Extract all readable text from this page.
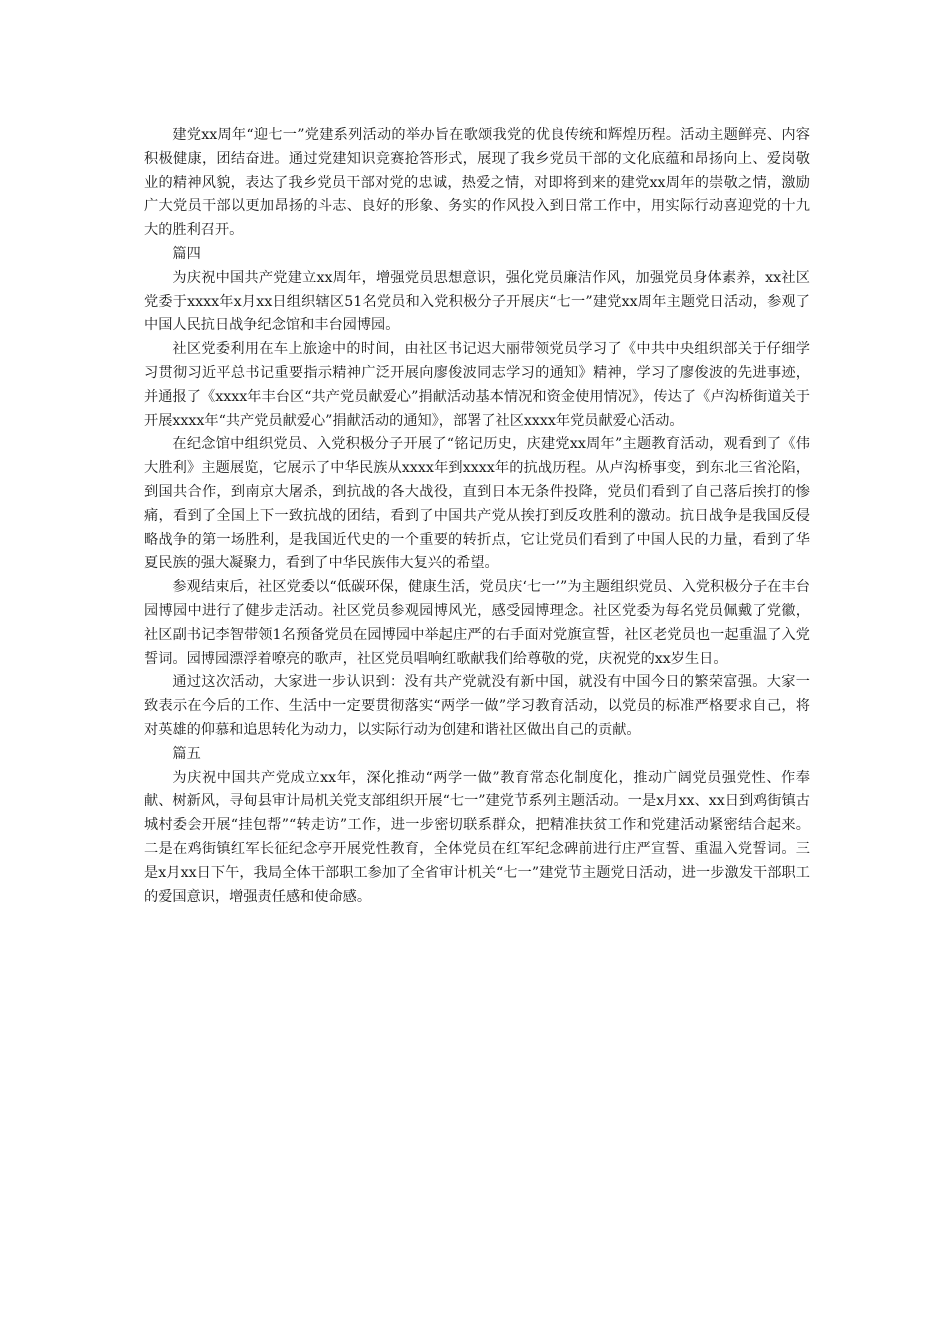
建党xx周年“迎七一”党建系列活动的举办旨在歌颂我党的优良传统和辉煌历程。活动主题鲜亮、内容积极健康，团结奋进。通过党建知识竞赛抢答形式，展现了我乡党员干部的文化底蕴和昂扬向上、爱岗敬业的精神风貌，表达了我乡党员干部对党的忠诚，热爱之情，对即将到来的建党xx周年的崇敬之情，激励广大党员干部以更加昂扬的斗志、良好的形象、务实的作风投入到日常工作中，用实际行动喜迎党的十九大的胜利召开。

篇四

为庆祝中国共产党建立xx周年，增强党员思想意识，强化党员廉洁作风，加强党员身体素养，xx社区党委于xxxx年x月xx日组织辖区51名党员和入党积极分子开展庆“七一”建党xx周年主题党日活动，参观了中国人民抗日战争纪念馆和丰台园博园。

社区党委利用在车上旅途中的时间，由社区书记迟大丽带领党员学习了《中共中央组织部关于仔细学习贯彻习近平总书记重要指示精神广泛开展向廖俊波同志学习的通知》精神，学习了廖俊波的先进事迹，并通报了《xxxx年丰台区“共产党员献爱心”捐献活动基本情况和资金使用情况》，传达了《卢沟桥街道关于开展xxxx年“共产党员献爱心”捐献活动的通知》，部署了社区xxxx年党员献爱心活动。

在纪念馆中组织党员、入党积极分子开展了“铭记历史，庆建党xx周年”主题教育活动，观看到了《伟大胜利》主题展览，它展示了中华民族从xxxx年到xxxx年的抗战历程。从卢沟桥事变，到东北三省沦陷，到国共合作，到南京大屠杀，到抗战的各大战役，直到日本无条件投降，党员们看到了自己落后挨打的惨痛，看到了全国上下一致抗战的团结，看到了中国共产党从挨打到反攻胜利的激动。抗日战争是我国反侵略战争的第一场胜利，是我国近代史的一个重要的转折点，它让党员们看到了中国人民的力量，看到了华夏民族的强大凝聚力，看到了中华民族伟大复兴的希望。

参观结束后，社区党委以“低碳环保，健康生活，党员庆‘七一’”为主题组织党员、入党积极分子在丰台园博园中进行了健步走活动。社区党员参观园博风光，感受园博理念。社区党委为每名党员佩戴了党徽，社区副书记李智带领1名预备党员在园博园中举起庄严的右手面对党旗宣誓，社区老党员也一起重温了入党誓词。园博园漂浮着嘹亮的歌声，社区党员唱响红歌献我们给尊敬的党，庆祝党的xx岁生日。

通过这次活动，大家进一步认识到：没有共产党就没有新中国，就没有中国今日的繁荣富强。大家一致表示在今后的工作、生活中一定要贯彻落实“两学一做”学习教育活动，以党员的标准严格要求自己，将对英雄的仰慕和追思转化为动力，以实际行动为创建和谐社区做出自己的贡献。

篇五

为庆祝中国共产党成立xx年，深化推动“两学一做”教育常态化制度化，推动广阔党员强党性、作奉献、树新风，寻甸县审计局机关党支部组织开展“七一”建党节系列主题活动。一是x月xx、xx日到鸡街镇古城村委会开展“挂包帮”“转走访”工作，进一步密切联系群众，把精准扶贫工作和党建活动紧密结合起来。二是在鸡街镇红军长征纪念亭开展党性教育，全体党员在红军纪念碑前进行庄严宣誓、重温入党誓词。三是x月xx日下午，我局全体干部职工参加了全省审计机关“七一”建党节主题党日活动，进一步激发干部职工的爱国意识，增强责任感和使命感。
